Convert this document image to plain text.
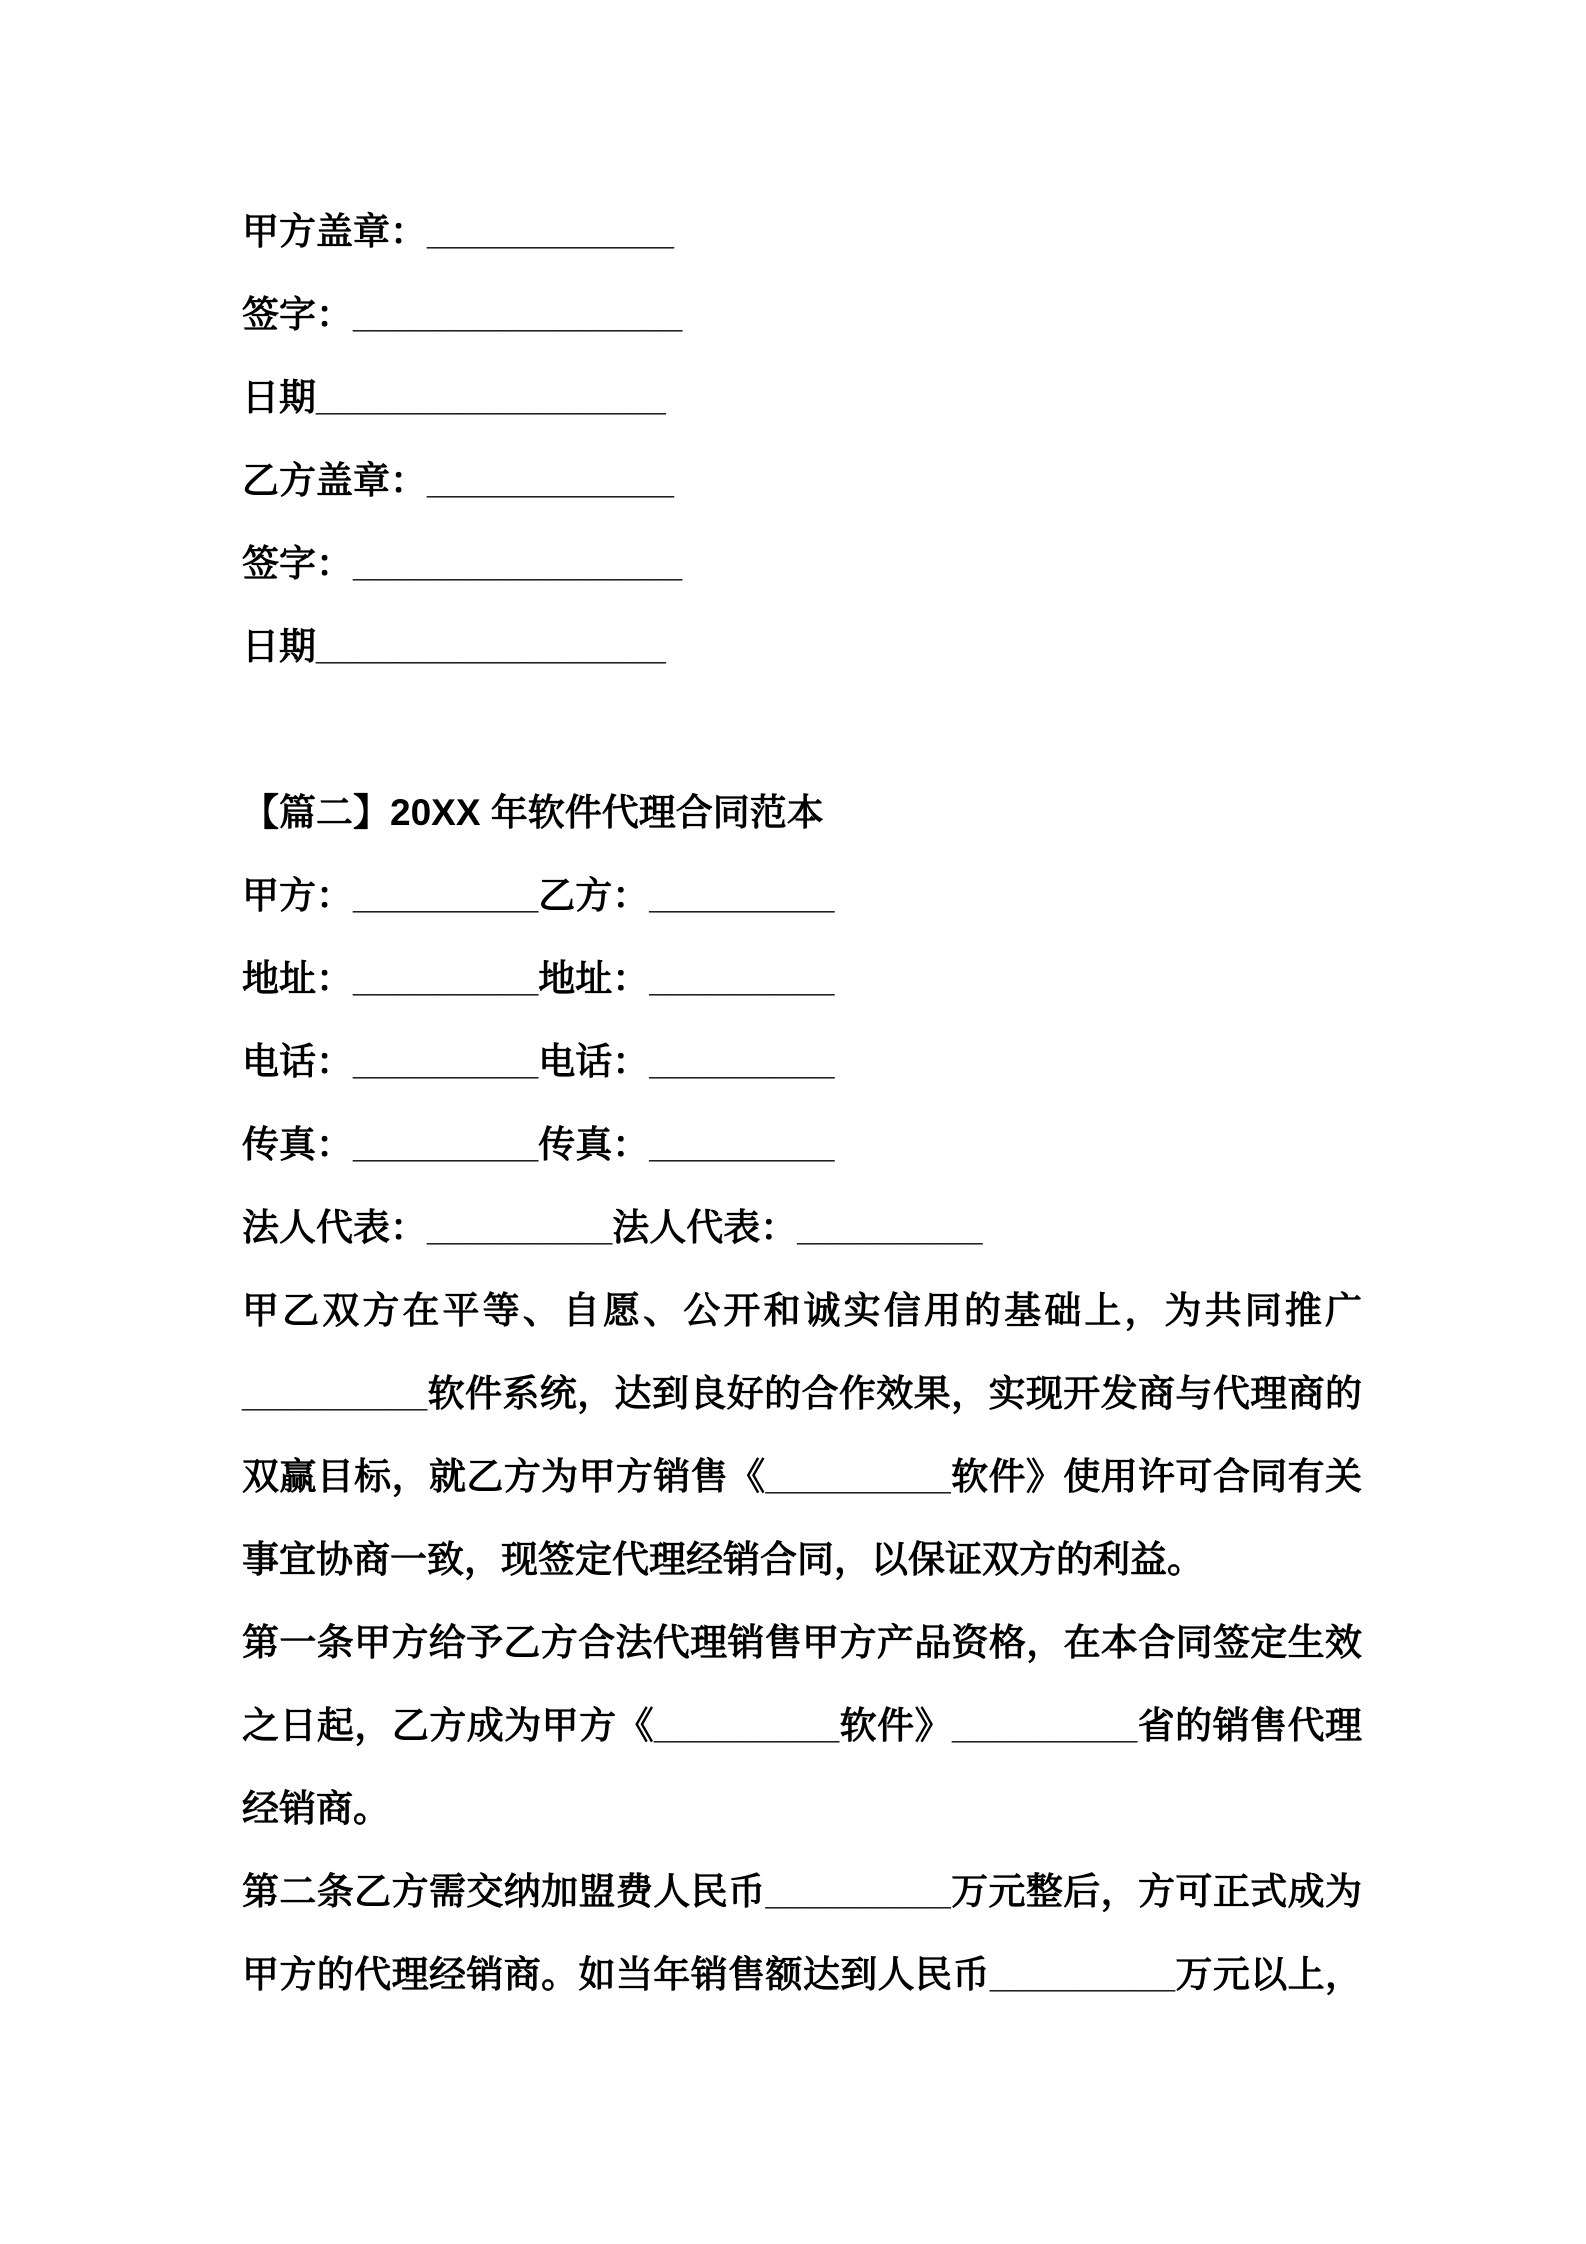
甲方盖章：____________
签字：________________
日期_________________
乙方盖章：____________
签字：________________
日期_________________
【篇二】20XX 年软件代理合同范本
甲方：_________乙方：_________
地址：_________地址：_________
电话：_________电话：_________
传真：_________传真：_________
法人代表：_________法人代表：_________
甲乙双方在平等、自愿、公开和诚实信用的基础上，为共同推广
_________软件系统，达到良好的合作效果，实现开发商与代理商的
双赢目标，就乙方为甲方销售《_________软件》使用许可合同有关
事宜协商一致，现签定代理经销合同，以保证双方的利益。
第一条甲方给予乙方合法代理销售甲方产品资格，在本合同签定生效
之日起，乙方成为甲方《_________软件》_________省的销售代理
经销商。
第二条乙方需交纳加盟费人民币_________万元整后，方可正式成为
甲方的代理经销商。如当年销售额达到人民币_________万元以上，
